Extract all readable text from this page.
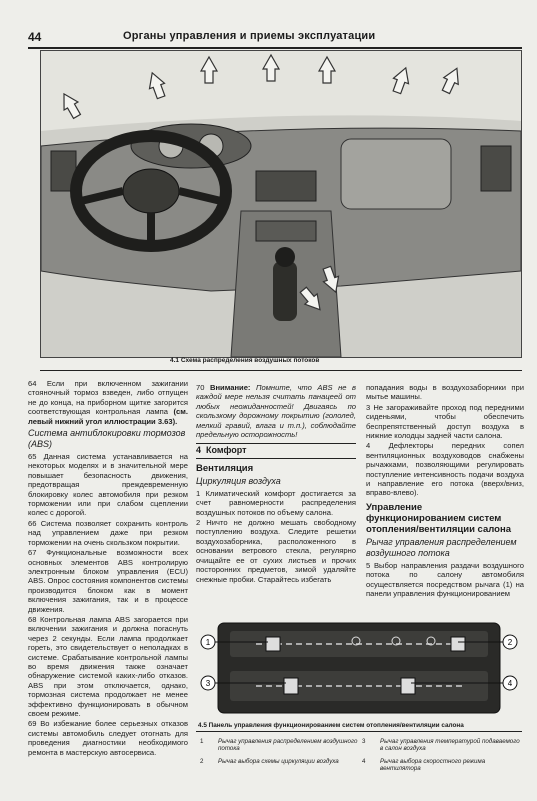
44	Органы управления и приемы эксплуатации
4.1 Схема распределения воздушных потоков

64 Если при включенном зажигании стояночный тормоз взведен, либо отпущен не до конца, на приборном щитке загорится соответствующая контрольная лампа (см. левый нижний угол иллюстрации 3.63).

Система антиблокировки тормозов (ABS)

65 Данная система устанавливается на некоторых моделях и в значительной мере повышает безопасность движения, предотвращая преждевременную блокировку колес автомобиля при резком торможении или при слабом сцеплении колес с дорогой.

66 Система позволяет сохранить контроль над управлением даже при резком торможении на очень скользком покрытии.

67 Функциональные возможности всех основных элементов ABS контролирую электронным блоком управления (ECU) ABS. Опрос состояния компонентов системы производится блоком как в момент включения зажигания, так и в процессе движения.

68 Контрольная лампа ABS загорается при включении зажигания и должна погаснуть через 2 секунды. Если лампа продолжает гореть, это свидетельствует о неполадках в системе. Срабатывание контрольной лампы во время движения также означает обнаружение системой каких-либо отказов. ABS при этом отключается, однако, тормозная система продолжает не менее эффективно функционировать в обычном своем режиме.

69 Во избежание более серьезных отказов системы автомобиль следует отогнать для проведения диагностики необходимого ремонта в мастерскую автосервиса.

70 Внимание: Помните, что ABS не в каждой мере нельзя считать панацеей от любых неожиданностей! Двигаясь по скользкому дорожному покрытию (гололед, мелкий гравий, влага и т.п.), соблюдайте предельную осторожность!

4 Комфорт
Вентиляция
Циркуляция воздуха

1 Климатический комфорт достигается за счет равномерности распределения воздушных потоков по объему салона.

2 Ничто не должно мешать свободному поступлению воздуха. Следите решетки воздухозаборника, расположенного в основании ветрового стекла, регулярно очищайте ее от сухих листьев и прочих посторонних предметов, зимой удаляйте снежные пробки. Старайтесь избегать

попадания воды в воздухозаборники при мытье машины.

3 Не загораживайте проход под передними сиденьями, чтобы обеспечить беспрепятственный доступ воздуха в нижние колодцы задней части салона.

4 Дефлекторы передних сопел вентиляционных воздуховодов снабжены рычажками, позволяющими регулировать поступление интенсивность подачи воздуха и направление его потока (вверх/вниз, вправо-влево).

Управление функционированием систем отопления/вентиляции салона
Рычаг управления распределением воздушного потока

5 Выбор направления раздачи воздушного потока по салону автомобиля осуществляется посредством рычага (1) на панели управления функционированием

1	2
3	4
4.5 Панель управления функционированием систем отопления/вентиляции салона
1 Рычаг управления распределением воздушного потока
2 Рычаг выбора схемы циркуляции воздуха
3 Рычаг управления температурой подаваемого в салон воздуха
4 Рычаг выбора скоростного режима вентилятора
